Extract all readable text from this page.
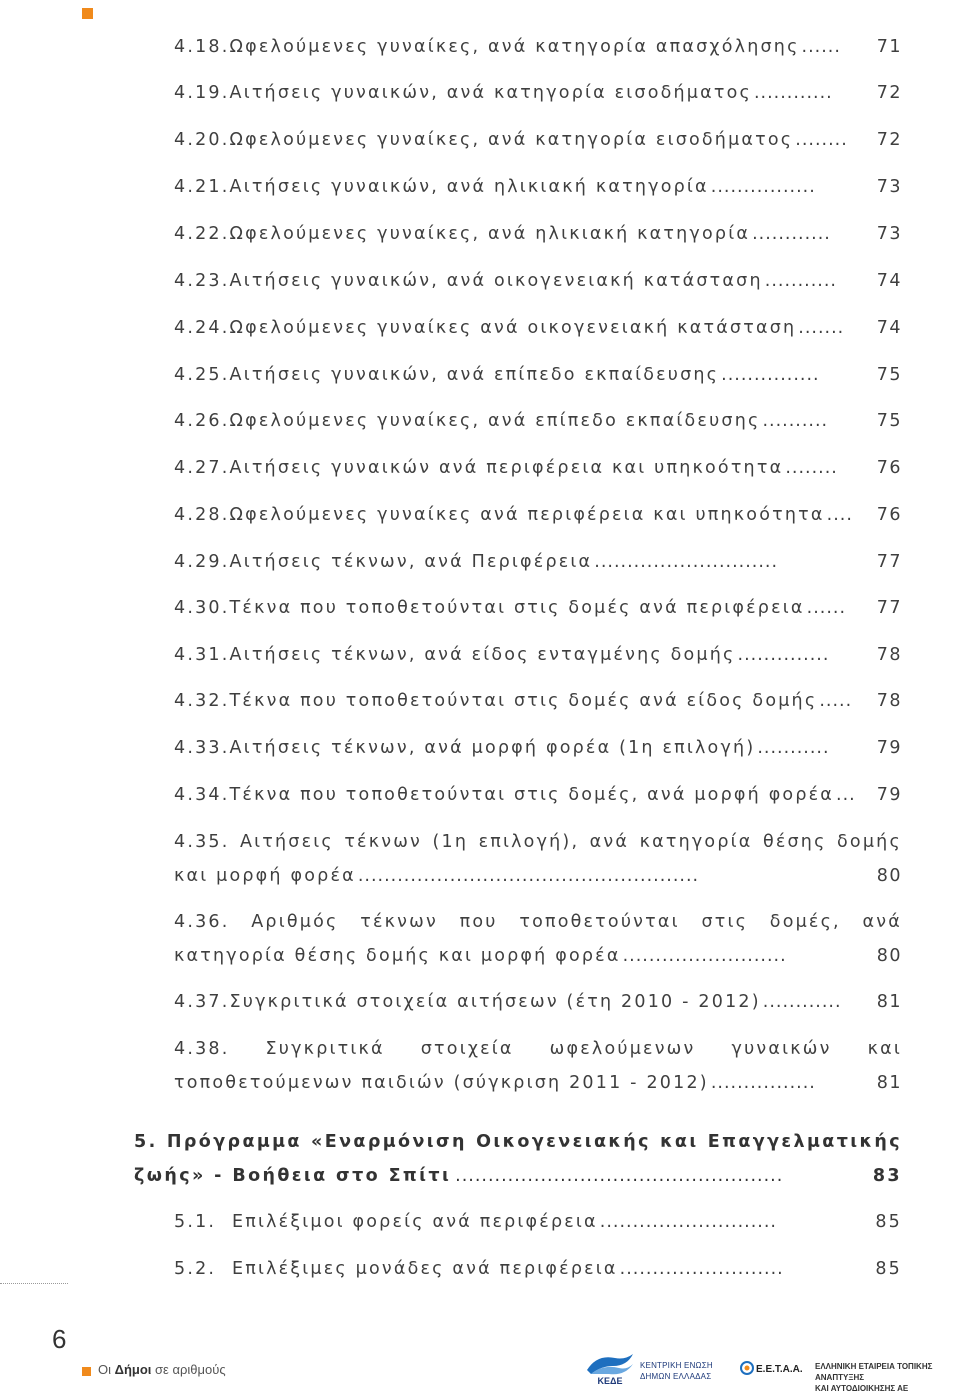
4.18. Ωφελούμενες γυναίκες, ανά κατηγορία απασχόλησης ......	71
4.19. Αιτήσεις γυναικών, ανά κατηγορία εισοδήματος ............	72
4.20. Ωφελούμενες γυναίκες, ανά κατηγορία εισοδήματος ........	72
4.21. Αιτήσεις γυναικών, ανά ηλικιακή κατηγορία ................	73
4.22. Ωφελούμενες γυναίκες, ανά ηλικιακή κατηγορία ............	73
4.23. Αιτήσεις γυναικών, ανά οικογενειακή κατάσταση ...........	74
4.24. Ωφελούμενες γυναίκες ανά οικογενειακή κατάσταση .......	74
4.25. Αιτήσεις γυναικών, ανά επίπεδο εκπαίδευσης ...............	75
4.26. Ωφελούμενες γυναίκες, ανά επίπεδο εκπαίδευσης ..........	75
4.27. Αιτήσεις γυναικών ανά περιφέρεια και υπηκοότητα ........	76
4.28. Ωφελούμενες γυναίκες ανά περιφέρεια και υπηκοότητα ....	76
4.29. Αιτήσεις τέκνων, ανά Περιφέρεια ............................	77
4.30. Τέκνα που τοποθετούνται στις δομές ανά περιφέρεια ......	77
4.31. Αιτήσεις τέκνων, ανά είδος ενταγμένης δομής ..............	78
4.32. Τέκνα που τοποθετούνται στις δομές ανά είδος δομής .....	78
4.33. Αιτήσεις τέκνων, ανά μορφή φορέα (1η επιλογή) ...........	79
4.34. Τέκνα που τοποθετούνται στις δομές, ανά μορφή φορέα ...	79
4.35. Αιτήσεις τέκνων (1η επιλογή), ανά κατηγορία θέσης δομής
και μορφή φορέα ....................................................	80
4.36. Αριθμός τέκνων που τοποθετούνται στις δομές, ανά
κατηγορία θέσης δομής και μορφή φορέα .........................	80
4.37. Συγκριτικά στοιχεία αιτήσεων (έτη 2010 - 2012) ............	81
4.38. Συγκριτικά στοιχεία ωφελούμενων γυναικών και
τοποθετούμενων παιδιών (σύγκριση 2011 - 2012) ................	81
5. Πρόγραμμα «Εναρμόνιση Οικογενειακής και Επαγγελματικής
ζωής» - Βοήθεια στο Σπίτι ..................................................	83
5.1. Επιλέξιμοι φορείς ανά περιφέρεια ...........................	85
5.2. Επιλέξιμες μονάδες ανά περιφέρεια .........................	85
6
Οι Δήμοι σε αριθμούς
ΚΕΔΕ
ΚΕΝΤΡΙΚΗ ΕΝΩΣΗ
ΔΗΜΩΝ ΕΛΛΑΔΑΣ
Ε.Ε.Τ.Α.Α. ΕΛΛΗΝΙΚΗ ΕΤΑΙΡΕΙΑ ΤΟΠΙΚΗΣ ΑΝΑΠΤΥΞΗΣ
ΚΑΙ ΑΥΤΟΔΙΟΙΚΗΣΗΣ ΑΕ
